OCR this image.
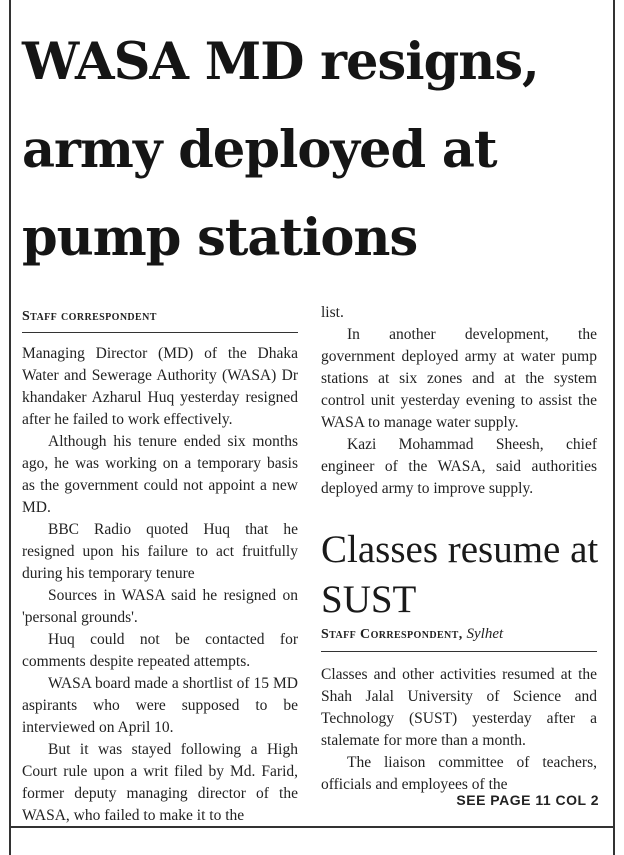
WASA MD resigns, army deployed at pump stations
Staff correspondent

Managing Director (MD) of the Dhaka Water and Sewerage Authority (WASA) Dr khandaker Azharul Huq yesterday resigned after he failed to work effectively.

Although his tenure ended six months ago, he was working on a temporary basis as the government could not appoint a new MD.

BBC Radio quoted Huq that he resigned upon his failure to act fruitfully during his temporary tenure

Sources in WASA said he resigned on 'personal grounds'.

Huq could not be contacted for comments despite repeated attempts.

WASA board made a shortlist of 15 MD aspirants who were supposed to be interviewed on April 10.

But it was stayed following a High Court rule upon a writ filed by Md. Farid, former deputy managing director of the WASA, who failed to make it to the

list.

In another development, the government deployed army at water pump stations at six zones and at the system control unit yesterday evening to assist the WASA to manage water supply.

Kazi Mohammad Sheesh, chief engineer of the WASA, said authorities deployed army to improve supply.

Classes resume at SUST
Staff Correspondent, Sylhet

Classes and other activities resumed at the Shah Jalal University of Science and Technology (SUST) yesterday after a stalemate for more than a month.

The liaison committee of teachers, officials and employees of the

SEE PAGE 11 COL 2
